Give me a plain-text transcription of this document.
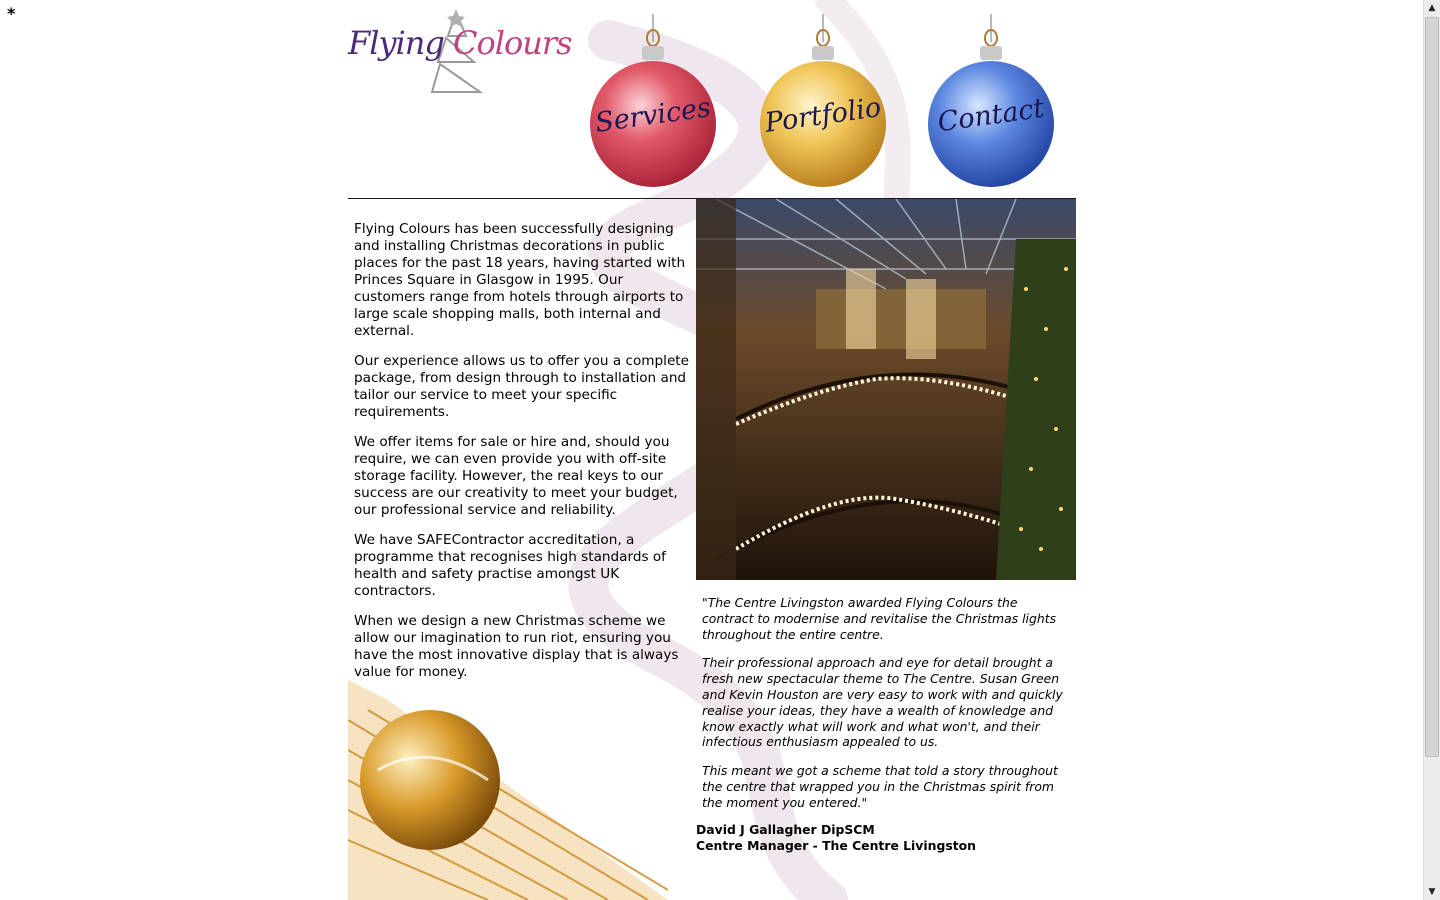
*
Flying Colours
Services Portfolio	Contact

Flying Colours has been successfully designing and installing Christmas decorations in public places for the past 18 years, having started with Princes Square in Glasgow in 1995. Our customers range from hotels through airports to large scale shopping malls, both internal and external.

Our experience allows us to offer you a complete package, from design through to installation and tailor our service to meet your specific requirements.

We offer items for sale or hire and, should you require, we can even provide you with off-site storage facility. However, the real keys to our success are our creativity to meet your budget, our professional service and reliability.

We have SAFEContractor accreditation, a programme that recognises high standards of health and safety practise amongst UK contractors.

When we design a new Christmas scheme we allow our imagination to run riot, ensuring you have the most innovative display that is always value for money.

"The Centre Livingston awarded Flying Colours the contract to modernise and revitalise the Christmas lights throughout the entire centre.

Their professional approach and eye for detail brought a fresh new spectacular theme to The Centre. Susan Green and Kevin Houston are very easy to work with and quickly realise your ideas, they have a wealth of knowledge and know exactly what will work and what won't, and their infectious enthusiasm appealed to us.

This meant we got a scheme that told a story throughout the centre that wrapped you in the Christmas spirit from the moment you entered."

David J Gallagher DipSCM
Centre Manager - The Centre Livingston
▲
▼
